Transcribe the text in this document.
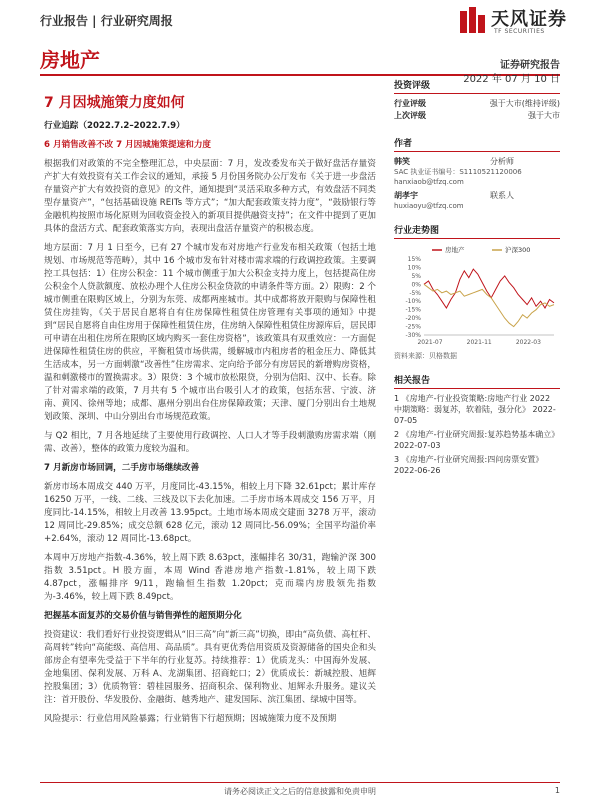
行业报告 | 行业研究周报	天风证券
TF SECURITIES
房地产	证券研究报告
2022 年 07 月 10 日
7 月因城施策力度如何

行业追踪（2022.7.2–2022.7.9）

6 月销售改善不改 7 月因城施策提速和力度

根据我们对政策的不完全整理汇总，中央层面：7 月，发改委发布关于做好盘活存量资产扩大有效投资有关工作会议的通知，承接 5 月份国务院办公厅发布《关于进一步盘活存量资产扩大有效投资的意见》的文件，通知提到“灵活采取多种方式，有效盘活不同类型存量资产”，“包括基础设施 REITs 等方式”；“加大配套政策支持力度”，“鼓励银行等金融机构按照市场化原则为回收资金投入的新项目提供融资支持”；在文件中提到了更加具体的盘活方式、配套政策落实方向，表现出盘活存量资产的积极态度。

地方层面：7 月 1 日至今，已有 27 个城市发布对房地产行业发布相关政策（包括土地规划、市场规范等范畴），其中 16 个城市发布针对楼市需求端的行政调控政策。主要调控工具包括：1）住房公积金：11 个城市侧重于加大公积金支持力度上，包括提高住房公积金个人贷款额度、放松办理个人住房公积金贷款的申请条件等方面。2）限购：2 个城市侧重在限购区域上，分别为东莞、成都两座城市。其中成都将放开限购与保障性租赁住房挂钩，《关于居民自愿将自有住房保障性租赁住房管理有关事项的通知》中提到“居民自愿将自由住房用于保障性租赁住房，住房纳入保障性租赁住房源库后，居民即可申请在出租住房所在限购区域内购买一套住房资格”，该政策具有双重效应：一方面促进保障性租赁住房的供应，平衡租赁市场供需，缓解城市内租房者的租金压力、降低其生活成本，另一方面刺激“改善性”住房需求、定向给予部分有房居民的新增购房资格，温和刺激楼市的置换需求。3）限贷：3 个城市放松限贷，分别为信阳、汉中、长春。除了针对需求端的政策，7 月共有 5 个城市出台吸引人才的政策，包括东营、宁波、济南、黄冈、徐州等地；成都、惠州分别出台住房保障政策；天津、厦门分别出台土地规划政策、深圳、中山分别出台市场规范政策。

与 Q2 相比，7 月各地延续了主要使用行政调控、人口人才等手段刺激购房需求端（刚需、改善），整体的政策力度较为温和。

7 月新房市场回调，二手房市场继续改善

新房市场本周成交 440 万平，月度同比-43.15%，相较上月下降 32.61pct；累计库存 16250 万平，一线、二线、三线及以下去化加速。二手房市场本周成交 156 万平，月度同比-14.15%，相较上月改善 13.95pct。土地市场本周成交建面 3278 万平，滚动 12 周同比-29.85%；成交总额 628 亿元，滚动 12 周同比-56.09%；全国平均溢价率+2.64%，滚动 12 周同比-13.68pct。

本周申万房地产指数-4.36%，较上周下跌 8.63pct，涨幅排名 30/31，跑输沪深 300 指数 3.51pct。H 股方面，本周 Wind 香港房地产指数-1.81%，较上周下跌 4.87pct，涨幅排序 9/11，跑输恒生指数 1.20pct；克而瑞内房股领先指数为-3.46%，较上周下跌 8.49pct。

把握基本面复苏的交易价值与销售弹性的超预期分化

投资建议：我们看好行业投资逻辑从“旧三高”向“新三高”切换，即由“高负债、高杠杆、高周转”转向“高能级、高信用、高品质”。具有更优秀信用资质及资源储备的国央企和头部房企有望率先受益于下半年的行业复苏。持续推荐：1）优质龙头：中国海外发展、金地集团、保利发展、万科 A、龙湖集团、招商蛇口；2）优质成长：新城控股、旭辉控股集团；3）优质物管：碧桂园服务、招商积余、保利物业、旭辉永升服务。建议关注：首开股份、华发股份、金融街、越秀地产、建发国际、滨江集团、绿城中国等。

风险提示：行业信用风险暴露；行业销售下行超预期；因城施策力度不及预期

投资评级
行业评级	强于大市(维持评级)
上次评级	强于大市
作者
韩笑	分析师
SAC 执业证书编号：S1110521120006
hanxiaob@tfzq.com
胡孝宇	联系人
huxiaoyu@tfzq.com
行业走势图
15%
10%
5%
0%
-5%
-10%
-15%
-20%
-25%
-30%
2021-07	2021-11	2022-03
房地产	沪深300
资料来源：贝格数据
相关报告
1 《房地产-行业投资策略:房地产行业 2022 中期策略：弱复苏，软着陆，强分化》 2022-07-05
2 《房地产-行业研究周报:复苏趋势基本确立》 2022-07-03
3 《房地产-行业研究周报:四问房票安置》 2022-06-26
请务必阅读正文之后的信息披露和免责申明	1
